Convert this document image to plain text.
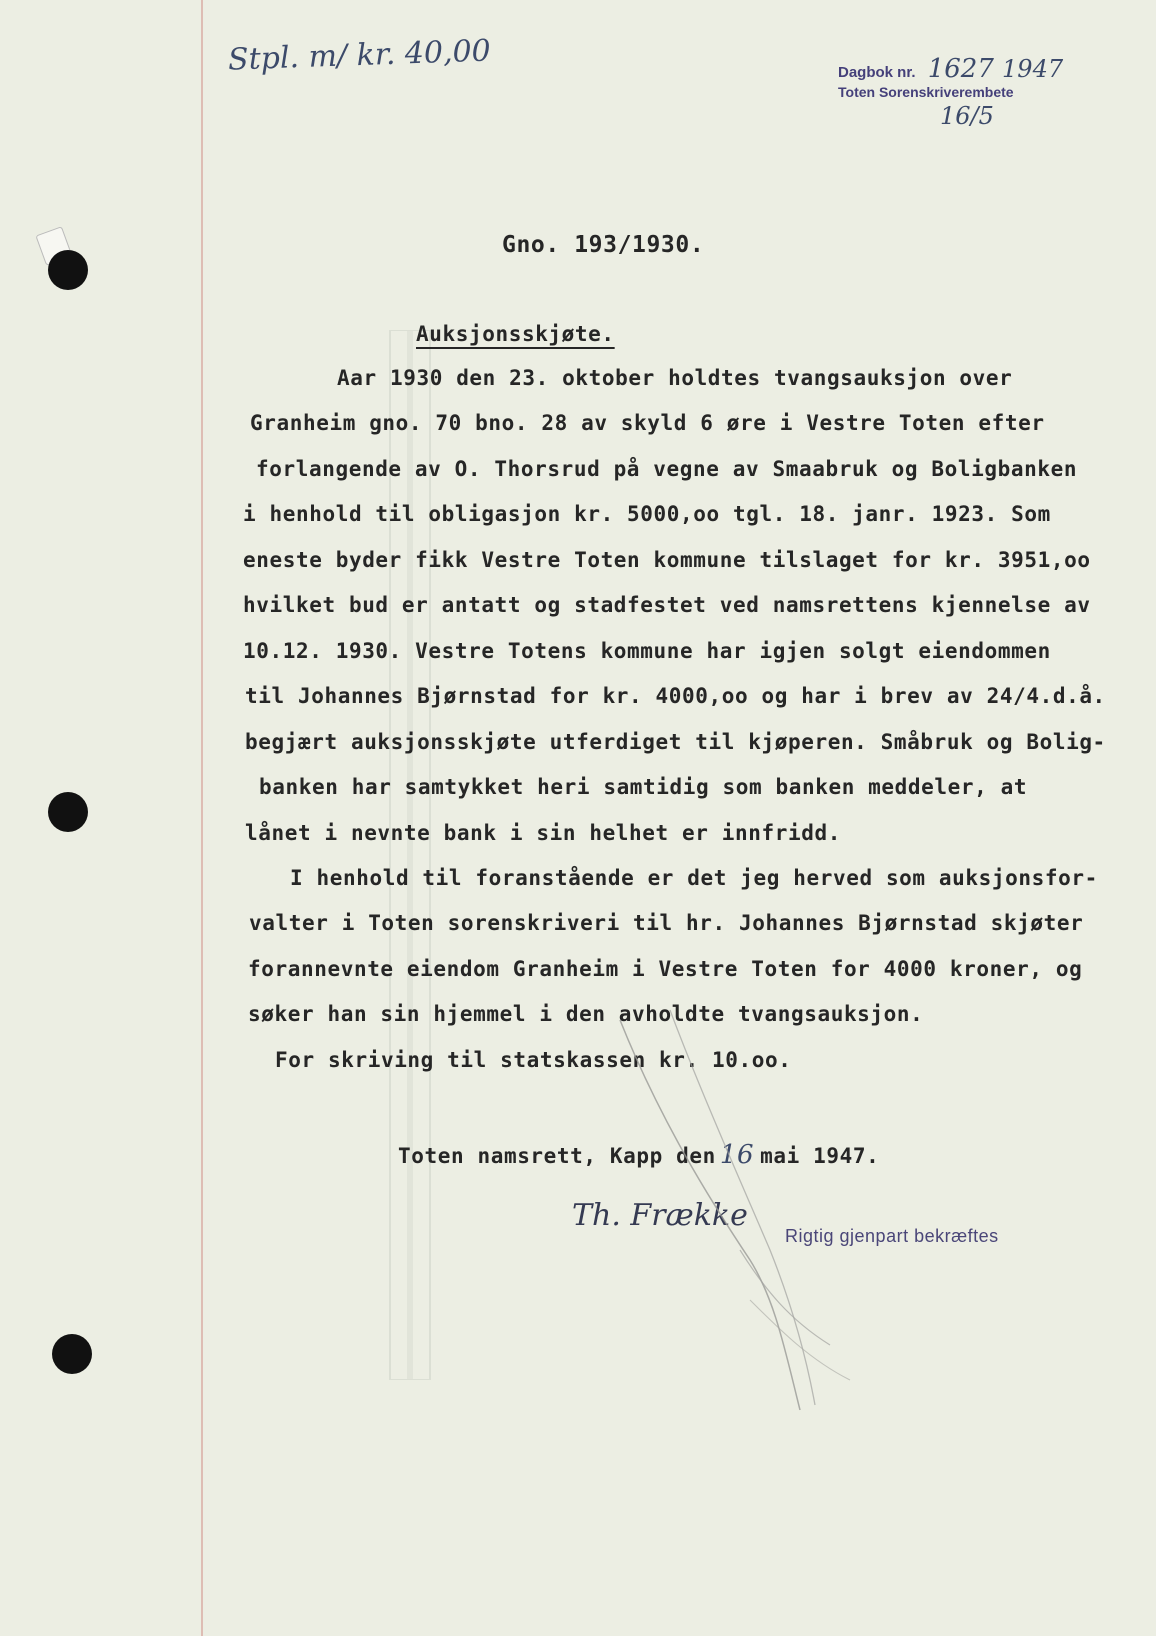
Stpl. m/ kr. 40,00	Dagbok nr. 1627 1947
Toten Sorenskriverembete
16/5
Gno. 193/1930.
Auksjonsskjøte.
Aar 1930 den 23. oktober holdtes tvangsauksjon over
Granheim gno. 70 bno. 28 av skyld 6 øre i Vestre Toten efter
forlangende av O. Thorsrud på vegne av Smaabruk og Boligbanken
i henhold til obligasjon kr. 5000,oo tgl. 18. janr. 1923. Som
eneste byder fikk Vestre Toten kommune tilslaget for kr. 3951,oo
hvilket bud er antatt og stadfestet ved namsrettens kjennelse av
10.12. 1930. Vestre Totens kommune har igjen solgt eiendommen
til Johannes Bjørnstad for kr. 4000,oo og har i brev av 24/4.d.å.
begjært auksjonsskjøte utferdiget til kjøperen. Småbruk og Bolig-
banken har samtykket heri samtidig som banken meddeler, at
lånet i nevnte bank i sin helhet er innfridd.
I henhold til foranstående er det jeg herved som auksjonsfor-
valter i Toten sorenskriveri til hr. Johannes Bjørnstad skjøter
forannevnte eiendom Granheim i Vestre Toten for 4000 kroner, og
søker han sin hjemmel i den avholdte tvangsauksjon.
For skriving til statskassen kr. 10.oo.
Toten namsrett, Kapp den 16 mai 1947.
Th. Frække
Rigtig gjenpart bekræftes
